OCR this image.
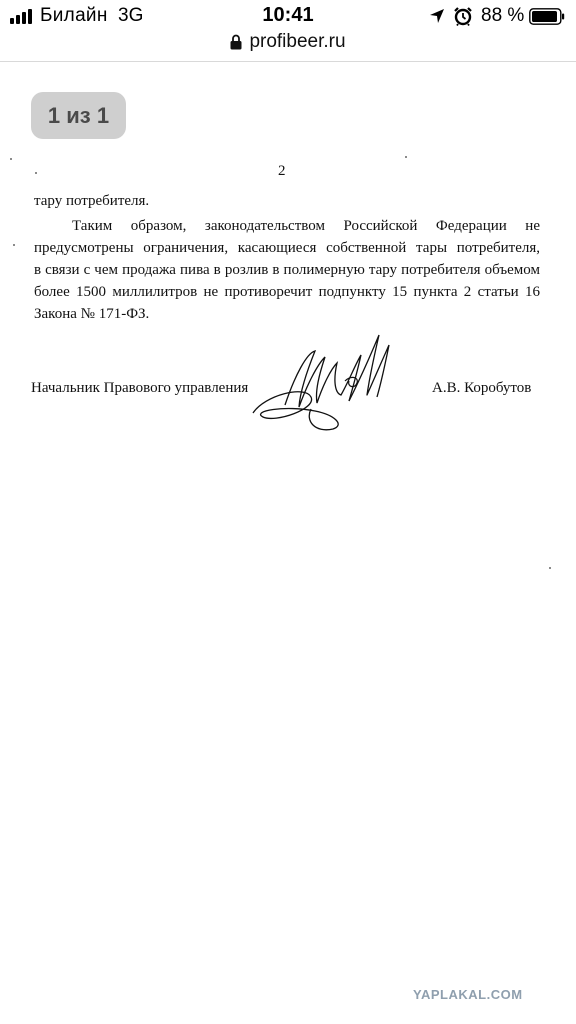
Билайн 3G	10:41	88 %
profibeer.ru
2
тару потребителя.
Таким образом, законодательством Российской Федерации не
предусмотрены ограничения, касающиеся собственной тары потребителя,
в связи с чем продажа пива в розлив в полимерную тару потребителя объемом
более 1500 миллилитров не противоречит подпункту 15 пункта 2 статьи 16
Закона № 171-ФЗ.
Начальник Правового управления	А.В. Коробутов
1 из 1
YAPLAKAL.COM
